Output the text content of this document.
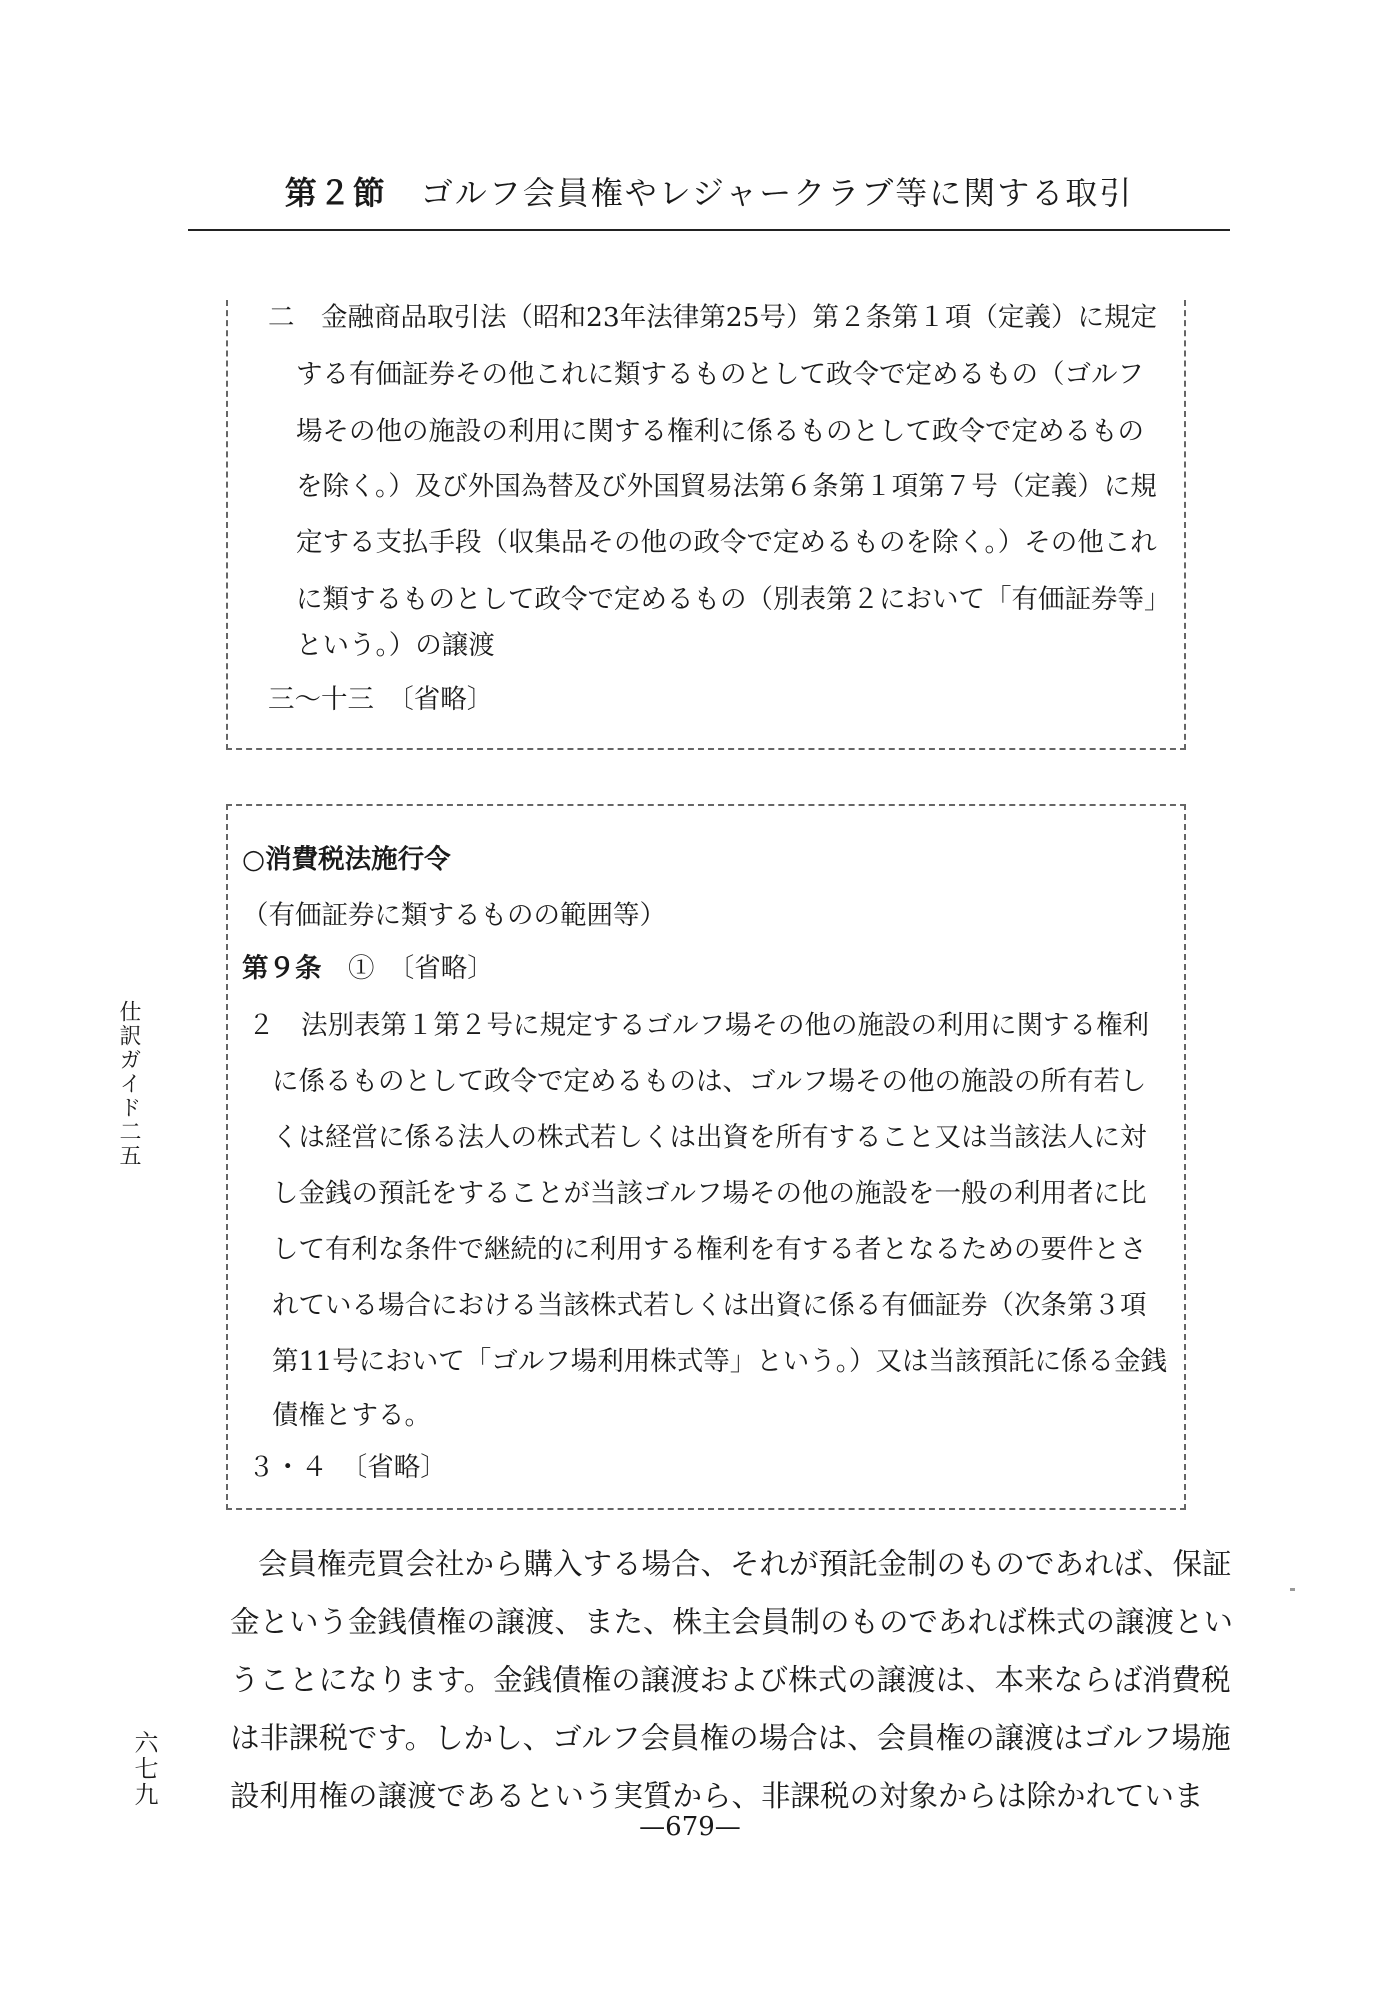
第２節 ゴルフ会員権やレジャークラブ等に関する取引
二　金融商品取引法（昭和23年法律第25号）第２条第１項（定義）に規定
する有価証券その他これに類するものとして政令で定めるもの（ゴルフ
場その他の施設の利用に関する権利に係るものとして政令で定めるもの
を除く。）及び外国為替及び外国貿易法第６条第１項第７号（定義）に規
定する支払手段（収集品その他の政令で定めるものを除く。）その他これ
に類するものとして政令で定めるもの（別表第２において「有価証券等」
という。）の譲渡
三～十三　〔省略〕
○消費税法施行令
（有価証券に類するものの範囲等）
第９条　①　〔省略〕
２　法別表第１第２号に規定するゴルフ場その他の施設の利用に関する権利
に係るものとして政令で定めるものは、ゴルフ場その他の施設の所有若し
くは経営に係る法人の株式若しくは出資を所有すること又は当該法人に対
し金銭の預託をすることが当該ゴルフ場その他の施設を一般の利用者に比
して有利な条件で継続的に利用する権利を有する者となるための要件とさ
れている場合における当該株式若しくは出資に係る有価証券（次条第３項
第11号において「ゴルフ場利用株式等」という。）又は当該預託に係る金銭
債権とする。
３・４　〔省略〕
会員権売買会社から購入する場合、それが預託金制のものであれば、保証
金という金銭債権の譲渡、また、株主会員制のものであれば株式の譲渡とい
うことになります。金銭債権の譲渡および株式の譲渡は、本来ならば消費税
は非課税です。しかし、ゴルフ会員権の場合は、会員権の譲渡はゴルフ場施
設利用権の譲渡であるという実質から、非課税の対象からは除かれていま
仕訳ガイド二五
六七九
—679—
